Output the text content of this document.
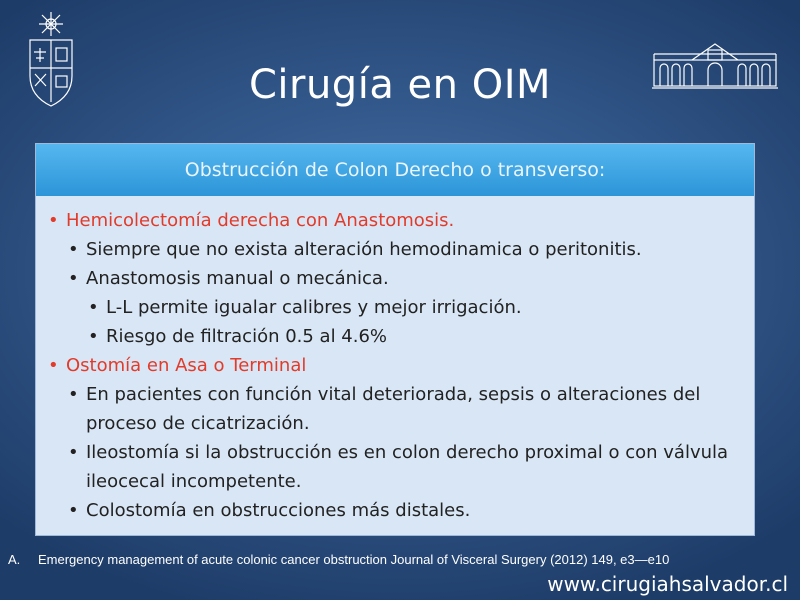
Cirugía en OIM
Obstrucción de Colon Derecho o transverso:
• Hemicolectomía derecha con Anastomosis.
• Siempre que no exista alteración hemodinamica o peritonitis.
• Anastomosis manual o mecánica.
• L-L permite igualar calibres y mejor irrigación.
• Riesgo de filtración 0.5 al 4.6%
• Ostomía en Asa o Terminal
• En pacientes con función vital deteriorada, sepsis o alteraciones del proceso de cicatrización.
• Ileostomía si la obstrucción es en colon derecho proximal o con válvula ileocecal incompetente.
• Colostomía en obstrucciones más distales.
A. Emergency management of acute colonic cancer obstruction Journal of Visceral Surgery (2012) 149, e3—e10
www.cirugiahsalvador.cl
